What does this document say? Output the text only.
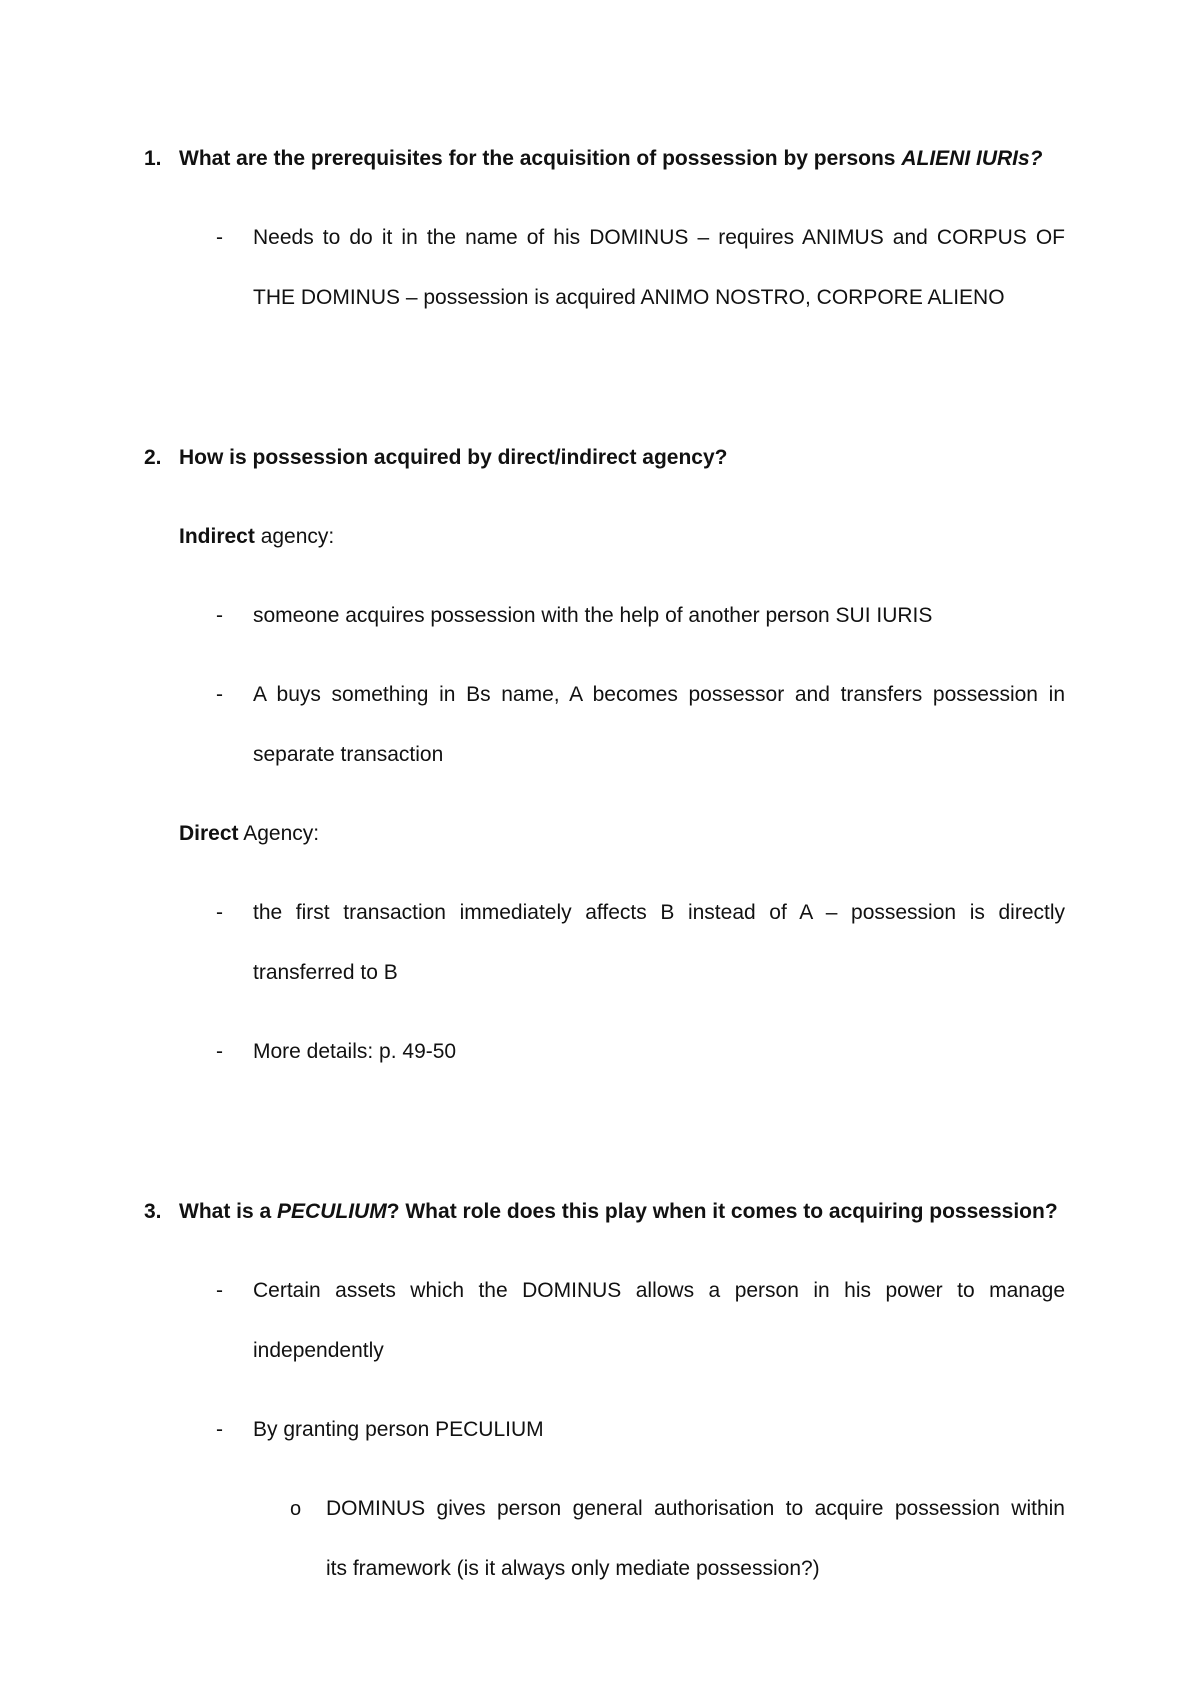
1. What are the prerequisites for the acquisition of possession by persons ALIENI IURIs?
- Needs to do it in the name of his DOMINUS – requires ANIMUS and CORPUS OF
THE DOMINUS – possession is acquired ANIMO NOSTRO, CORPORE ALIENO
2. How is possession acquired by direct/indirect agency?
Indirect agency:
- someone acquires possession with the help of another person SUI IURIS
- A buys something in Bs name, A becomes possessor and transfers possession in
separate transaction
Direct Agency:
- the first transaction immediately affects B instead of A – possession is directly
transferred to B
- More details: p. 49-50
3. What is a PECULIUM? What role does this play when it comes to acquiring possession?
- Certain assets which the DOMINUS allows a person in his power to manage
independently
- By granting person PECULIUM
o DOMINUS gives person general authorisation to acquire possession within
its framework (is it always only mediate possession?)
